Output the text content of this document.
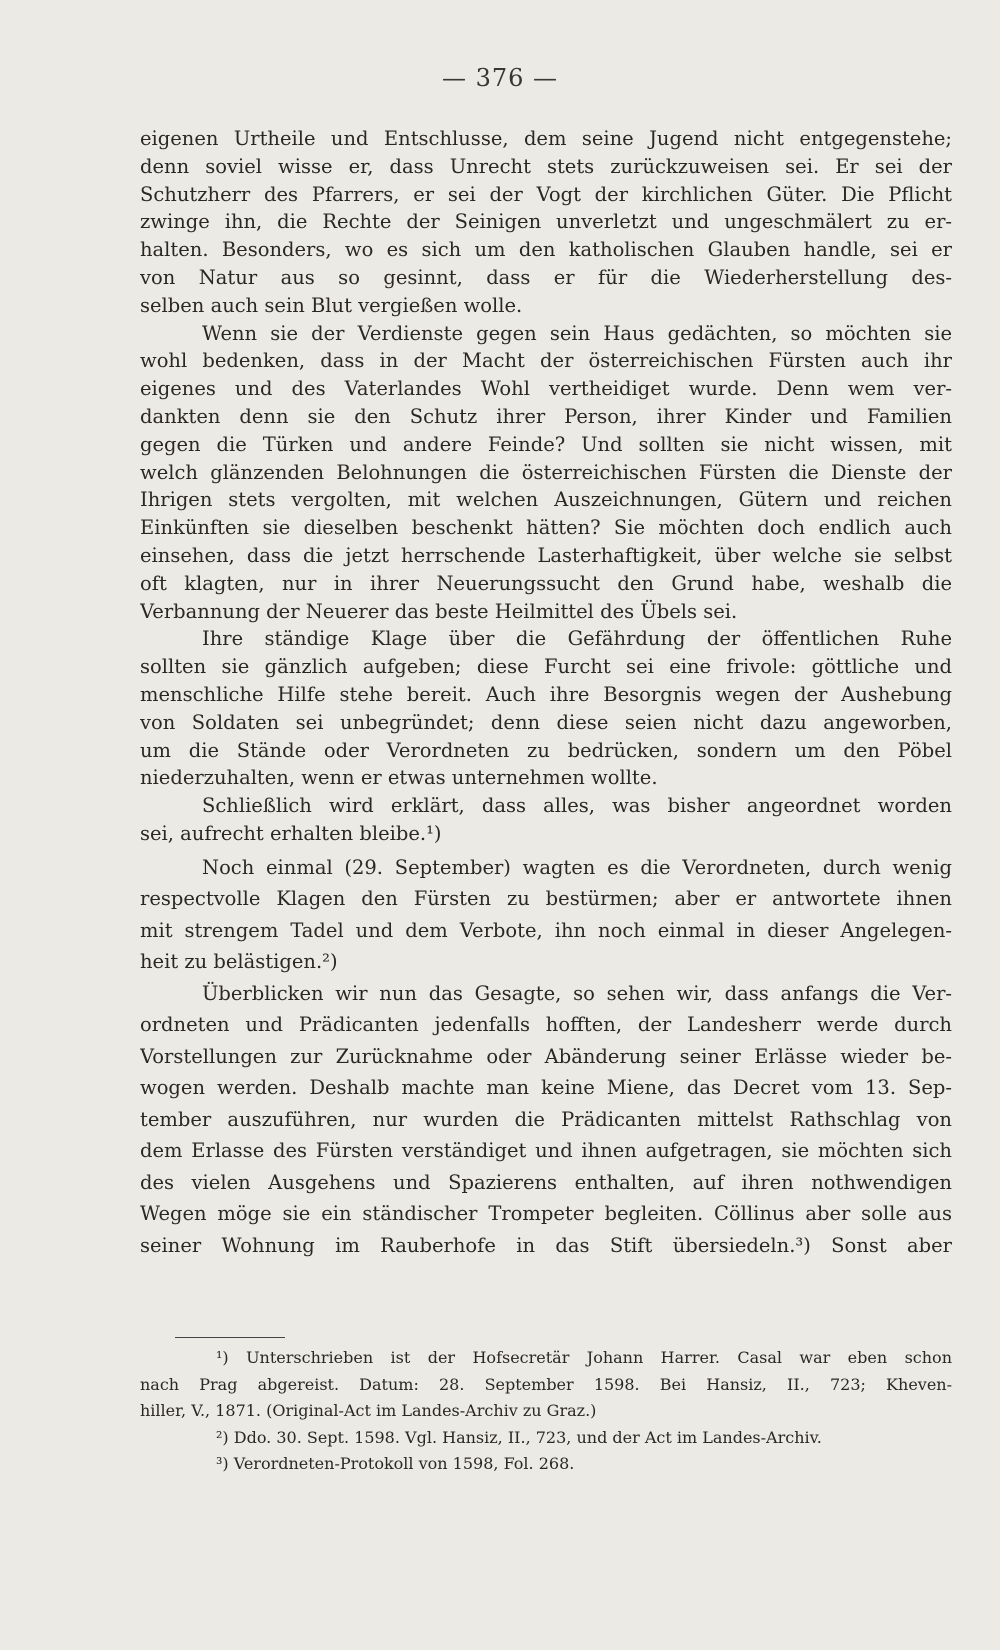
— 376 —
eigenen Urtheile und Entschlusse, dem seine Jugend nicht entgegenstehe;
denn soviel wisse er, dass Unrecht stets zurückzuweisen sei. Er sei der
Schutzherr des Pfarrers, er sei der Vogt der kirchlichen Güter. Die Pflicht
zwinge ihn, die Rechte der Seinigen unverletzt und ungeschmälert zu er-
halten. Besonders, wo es sich um den katholischen Glauben handle, sei er
von Natur aus so gesinnt, dass er für die Wiederherstellung des-
selben auch sein Blut vergießen wolle.
Wenn sie der Verdienste gegen sein Haus gedächten, so möchten sie
wohl bedenken, dass in der Macht der österreichischen Fürsten auch ihr
eigenes und des Vaterlandes Wohl vertheidiget wurde. Denn wem ver-
dankten denn sie den Schutz ihrer Person, ihrer Kinder und Familien
gegen die Türken und andere Feinde? Und sollten sie nicht wissen, mit
welch glänzenden Belohnungen die österreichischen Fürsten die Dienste der
Ihrigen stets vergolten, mit welchen Auszeichnungen, Gütern und reichen
Einkünften sie dieselben beschenkt hätten? Sie möchten doch endlich auch
einsehen, dass die jetzt herrschende Lasterhaftigkeit, über welche sie selbst
oft klagten, nur in ihrer Neuerungssucht den Grund habe, weshalb die
Verbannung der Neuerer das beste Heilmittel des Übels sei.
Ihre ständige Klage über die Gefährdung der öffentlichen Ruhe
sollten sie gänzlich aufgeben; diese Furcht sei eine frivole: göttliche und
menschliche Hilfe stehe bereit. Auch ihre Besorgnis wegen der Aushebung
von Soldaten sei unbegründet; denn diese seien nicht dazu angeworben,
um die Stände oder Verordneten zu bedrücken, sondern um den Pöbel
niederzuhalten, wenn er etwas unternehmen wollte.
Schließlich wird erklärt, dass alles, was bisher angeordnet worden
sei, aufrecht erhalten bleibe.¹)
Noch einmal (29. September) wagten es die Verordneten, durch wenig
respectvolle Klagen den Fürsten zu bestürmen; aber er antwortete ihnen
mit strengem Tadel und dem Verbote, ihn noch einmal in dieser Angelegen-
heit zu belästigen.²)
Überblicken wir nun das Gesagte, so sehen wir, dass anfangs die Ver-
ordneten und Prädicanten jedenfalls hofften, der Landesherr werde durch
Vorstellungen zur Zurücknahme oder Abänderung seiner Erlässe wieder be-
wogen werden. Deshalb machte man keine Miene, das Decret vom 13. Sep-
tember auszuführen, nur wurden die Prädicanten mittelst Rathschlag von
dem Erlasse des Fürsten verständiget und ihnen aufgetragen, sie möchten sich
des vielen Ausgehens und Spazierens enthalten, auf ihren nothwendigen
Wegen möge sie ein ständischer Trompeter begleiten. Cöllinus aber solle aus
seiner Wohnung im Rauberhofe in das Stift übersiedeln.³) Sonst aber
¹) Unterschrieben ist der Hofsecretär Johann Harrer. Casal war eben schon
nach Prag abgereist. Datum: 28. September 1598. Bei Hansiz, II., 723; Kheven-
hiller, V., 1871. (Original-Act im Landes-Archiv zu Graz.)
²) Ddo. 30. Sept. 1598. Vgl. Hansiz, II., 723, und der Act im Landes-Archiv.
³) Verordneten-Protokoll von 1598, Fol. 268.
